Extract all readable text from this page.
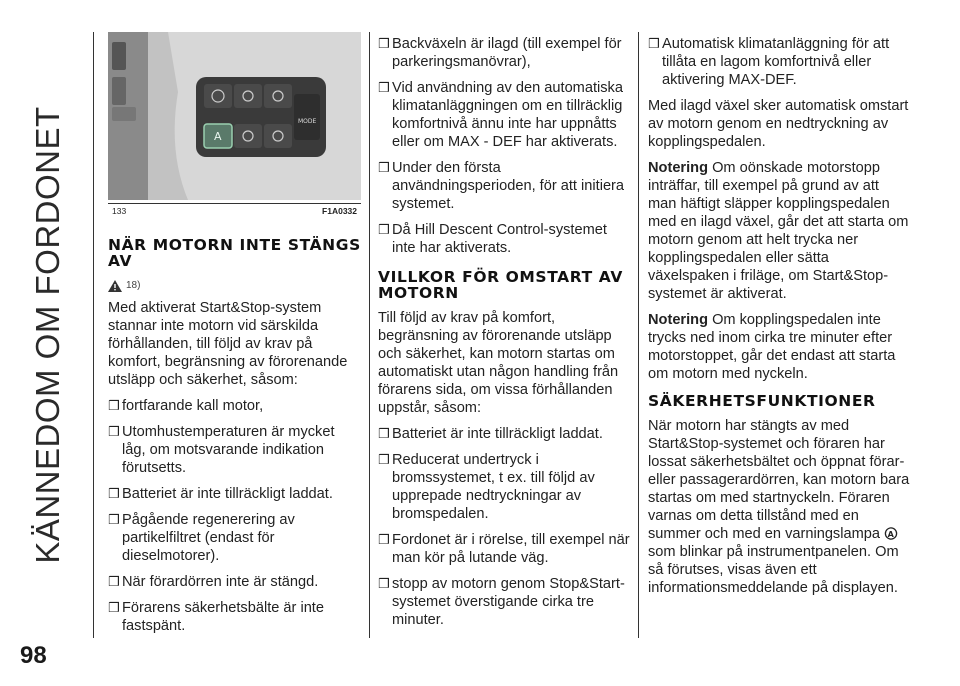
KÄNNEDOM OM FORDONET
98
MODE
A
133	F1A0332
NÄR MOTORN INTE STÄNGS AV
18)

Med aktiverat Start&Stop-system stannar inte motorn vid särskilda förhållanden, till följd av krav på komfort, begränsning av förorenande utsläpp och säkerhet, såsom:

❒ fortfarande kall motor,
❒ Utomhustemperaturen är mycket låg, om motsvarande indikation förutsetts.
❒ Batteriet är inte tillräckligt laddat.
❒ Pågående regenerering av partikelfiltret (endast för dieselmotorer).
❒ När förardörren inte är stängd.
❒ Förarens säkerhetsbälte är inte fastspänt.
❒ Backväxeln är ilagd (till exempel för parkeringsmanövrar),
❒ Vid användning av den automatiska klimatanläggningen om en tillräcklig komfortnivå ännu inte har uppnåtts eller om MAX - DEF har aktiverats.
❒ Under den första användningsperioden, för att initiera systemet.
❒ Då Hill Descent Control-systemet inte har aktiverats.
VILLKOR FÖR OMSTART AV MOTORN

Till följd av krav på komfort, begränsning av förorenande utsläpp och säkerhet, kan motorn startas om automatiskt utan någon handling från förarens sida, om vissa förhållanden uppstår, såsom:

❒ Batteriet är inte tillräckligt laddat.
❒ Reducerat undertryck i bromssystemet, t ex. till följd av upprepade nedtryckningar av bromspedalen.
❒ Fordonet är i rörelse, till exempel när man kör på lutande väg.
❒ stopp av motorn genom Stop&Start-systemet överstigande cirka tre minuter.
❒ Automatisk klimatanläggning för att tillåta en lagom komfortnivå eller aktivering MAX-DEF.

Med ilagd växel sker automatisk omstart av motorn genom en nedtryckning av kopplingspedalen.

Notering Om oönskade motorstopp inträffar, till exempel på grund av att man häftigt släpper kopplingspedalen med en ilagd växel, går det att starta om motorn genom att helt trycka ner kopplingspedalen eller sätta växelspaken i friläge, om Start&Stop-systemet är aktiverat.

Notering Om kopplingspedalen inte trycks ned inom cirka tre minuter efter motorstoppet, går det endast att starta om motorn med nyckeln.

SÄKERHETSFUNKTIONER

När motorn har stängts av med Start&Stop-systemet och föraren har lossat säkerhetsbältet och öppnat förar- eller passagerardörren, kan motorn bara startas om med startnyckeln. Föraren varnas om detta tillstånd med en summer och med en varningslampa A
som blinkar på instrumentpanelen. Om så förutses, visas även ett informationsmeddelande på displayen.
